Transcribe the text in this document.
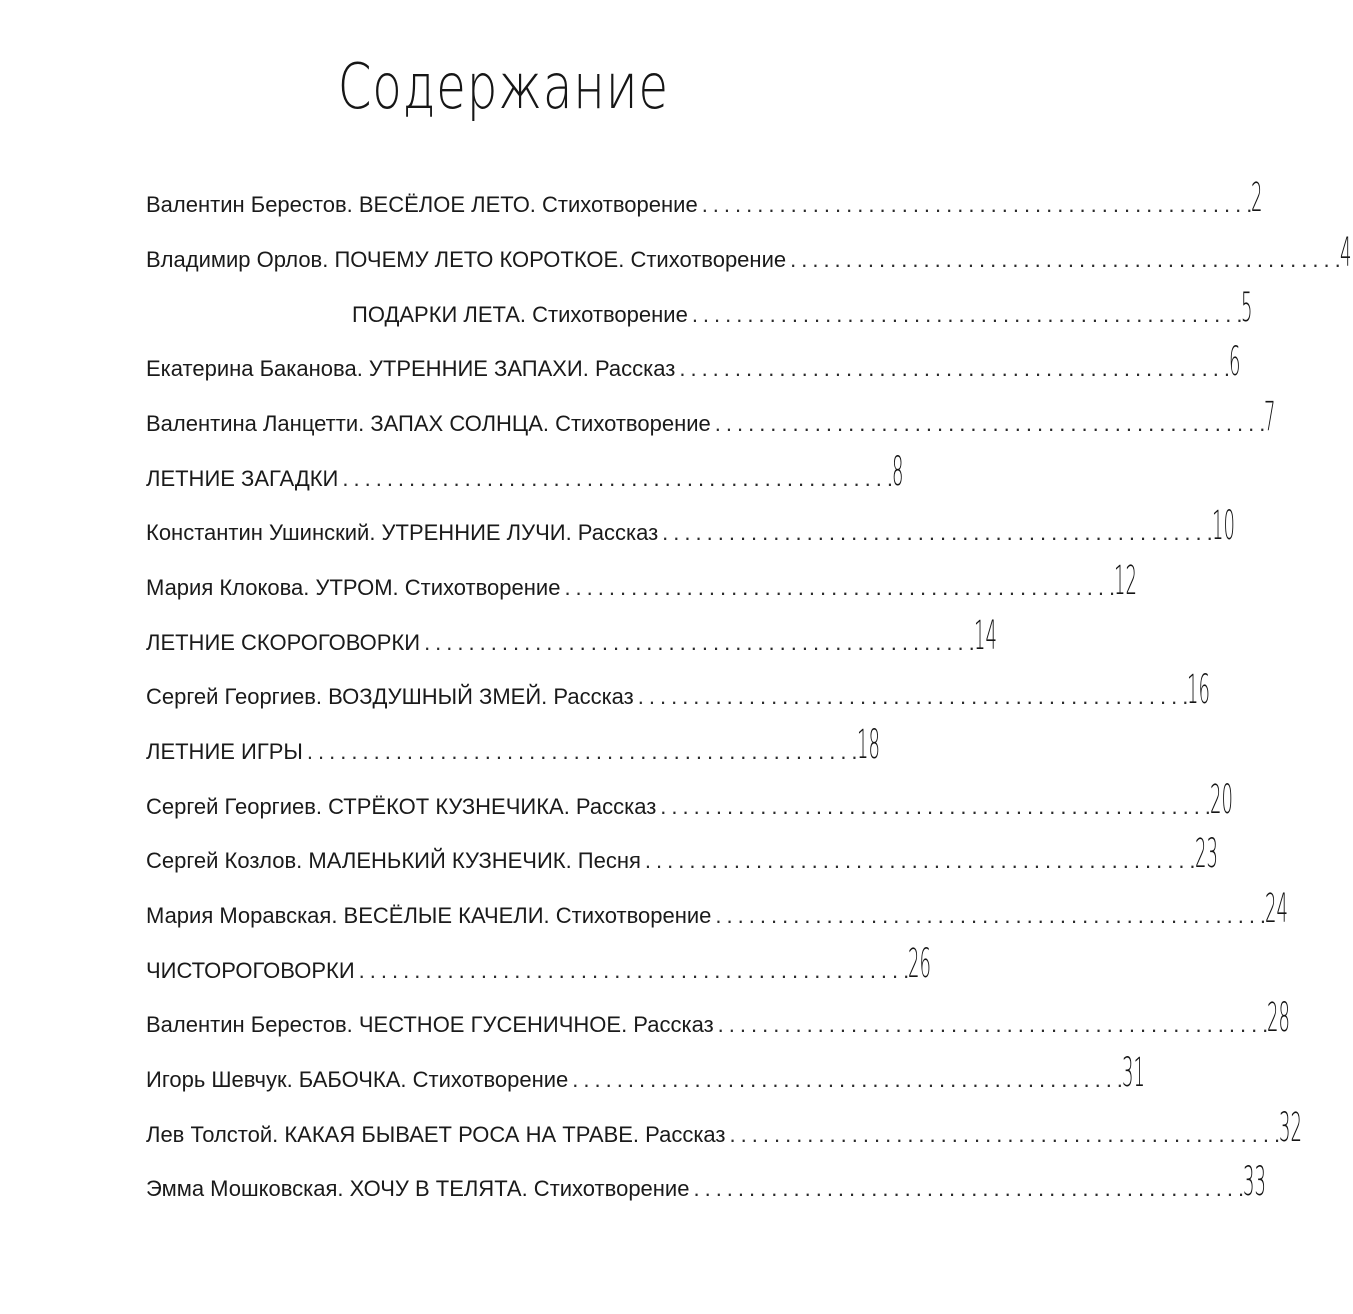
Содержание
Валентин Берестов. ВЕСЁЛОЕ ЛЕТО. Стихотворение ..................................................
2
Владимир Орлов. ПОЧЕМУ ЛЕТО КОРОТКОЕ. Стихотворение ..................................................
4
ПОДАРКИ ЛЕТА. Стихотворение ..................................................
5
Екатерина Баканова. УТРЕННИЕ ЗАПАХИ. Рассказ ..................................................
6
Валентина Ланцетти. ЗАПАХ СОЛНЦА. Стихотворение ..................................................
7
ЛЕТНИЕ ЗАГАДКИ ..................................................
8
Константин Ушинский. УТРЕННИЕ ЛУЧИ. Рассказ ..................................................
10
Мария Клокова. УТРОМ. Стихотворение ..................................................
12
ЛЕТНИЕ СКОРОГОВОРКИ ..................................................
14
Сергей Георгиев. ВОЗДУШНЫЙ ЗМЕЙ. Рассказ ..................................................
16
ЛЕТНИЕ ИГРЫ ..................................................
18
Сергей Георгиев. СТРЁКОТ КУЗНЕЧИКА. Рассказ ..................................................
20
Сергей Козлов. МАЛЕНЬКИЙ КУЗНЕЧИК. Песня ..................................................
23
Мария Моравская. ВЕСЁЛЫЕ КАЧЕЛИ. Стихотворение ..................................................
24
ЧИСТОРОГОВОРКИ ..................................................
26
Валентин Берестов. ЧЕСТНОЕ ГУСЕНИЧНОЕ. Рассказ ..................................................
28
Игорь Шевчук. БАБОЧКА. Стихотворение ..................................................
31
Лев Толстой. КАКАЯ БЫВАЕТ РОСА НА ТРАВЕ. Рассказ ..................................................
32
Эмма Мошковская. ХОЧУ В ТЕЛЯТА. Стихотворение ..................................................
33
